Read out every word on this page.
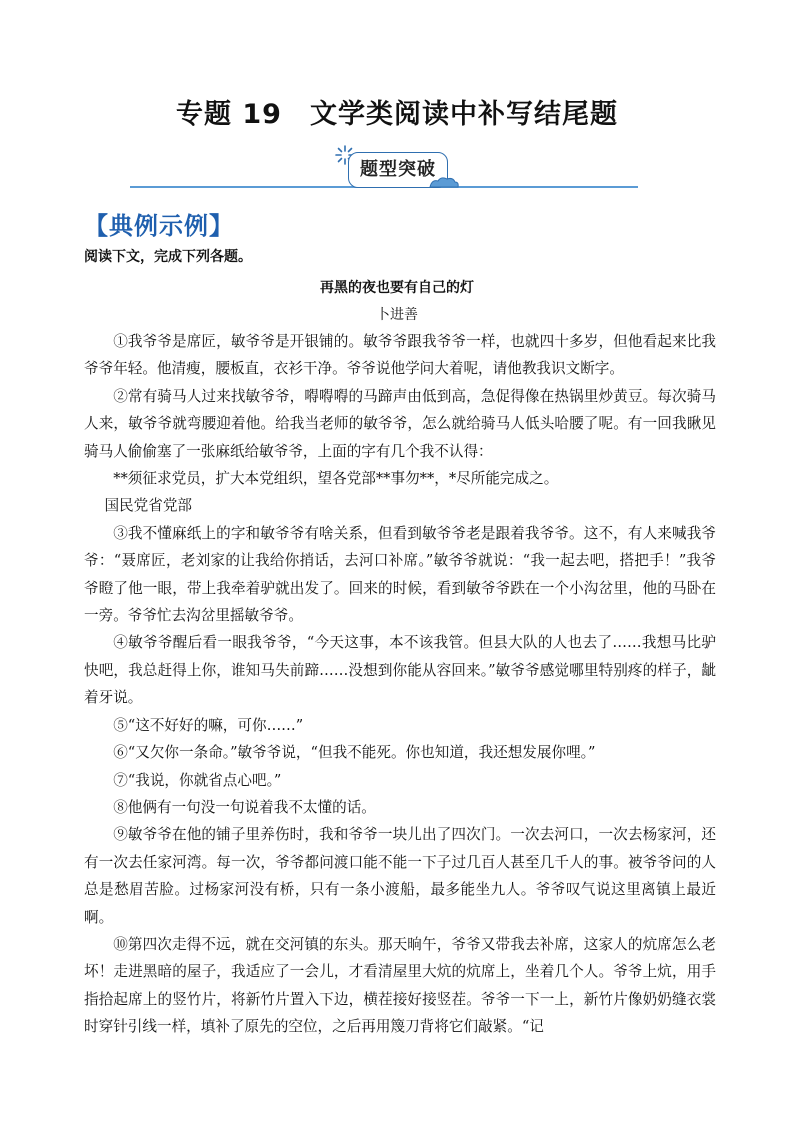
专题 19　文学类阅读中补写结尾题
题型突破
【典例示例】
阅读下文，完成下列各题。
再黑的夜也要有自己的灯
卜进善

①我爷爷是席匠，敏爷爷是开银铺的。敏爷爷跟我爷爷一样，也就四十多岁，但他看起来比我爷爷年轻。他清瘦，腰板直，衣衫干净。爷爷说他学问大着呢，请他教我识文断字。

②常有骑马人过来找敏爷爷，嘚嘚嘚的马蹄声由低到高，急促得像在热锅里炒黄豆。每次骑马人来，敏爷爷就弯腰迎着他。给我当老师的敏爷爷，怎么就给骑马人低头哈腰了呢。有一回我瞅见骑马人偷偷塞了一张麻纸给敏爷爷，上面的字有几个我不认得：

**须征求党员，扩大本党组织，望各党部**事勿**，*尽所能完成之。

国民党省党部

③我不懂麻纸上的字和敏爷爷有啥关系，但看到敏爷爷老是跟着我爷爷。这不，有人来喊我爷爷：“聂席匠，老刘家的让我给你捎话，去河口补席。”敏爷爷就说：“我一起去吧，搭把手！”我爷爷瞪了他一眼，带上我牵着驴就出发了。回来的时候，看到敏爷爷跌在一个小沟岔里，他的马卧在一旁。爷爷忙去沟岔里摇敏爷爷。

④敏爷爷醒后看一眼我爷爷，“今天这事，本不该我管。但县大队的人也去了……我想马比驴快吧，我总赶得上你，谁知马失前蹄……没想到你能从容回来。”敏爷爷感觉哪里特别疼的样子，龇着牙说。

⑤“这不好好的嘛，可你……”

⑥“又欠你一条命。”敏爷爷说，“但我不能死。你也知道，我还想发展你哩。”

⑦“我说，你就省点心吧。”

⑧他俩有一句没一句说着我不太懂的话。

⑨敏爷爷在他的铺子里养伤时，我和爷爷一块儿出了四次门。一次去河口，一次去杨家河，还有一次去任家河湾。每一次，爷爷都问渡口能不能一下子过几百人甚至几千人的事。被爷爷问的人总是愁眉苦脸。过杨家河没有桥，只有一条小渡船，最多能坐九人。爷爷叹气说这里离镇上最近啊。

⑩第四次走得不远，就在交河镇的东头。那天晌午，爷爷又带我去补席，这家人的炕席怎么老坏！走进黑暗的屋子，我适应了一会儿，才看清屋里大炕的炕席上，坐着几个人。爷爷上炕，用手指拾起席上的竖竹片，将新竹片置入下边，横茬接好接竖茬。爷爷一下一上，新竹片像奶奶缝衣裳时穿针引线一样，填补了原先的空位，之后再用篾刀背将它们敲紧。“记
